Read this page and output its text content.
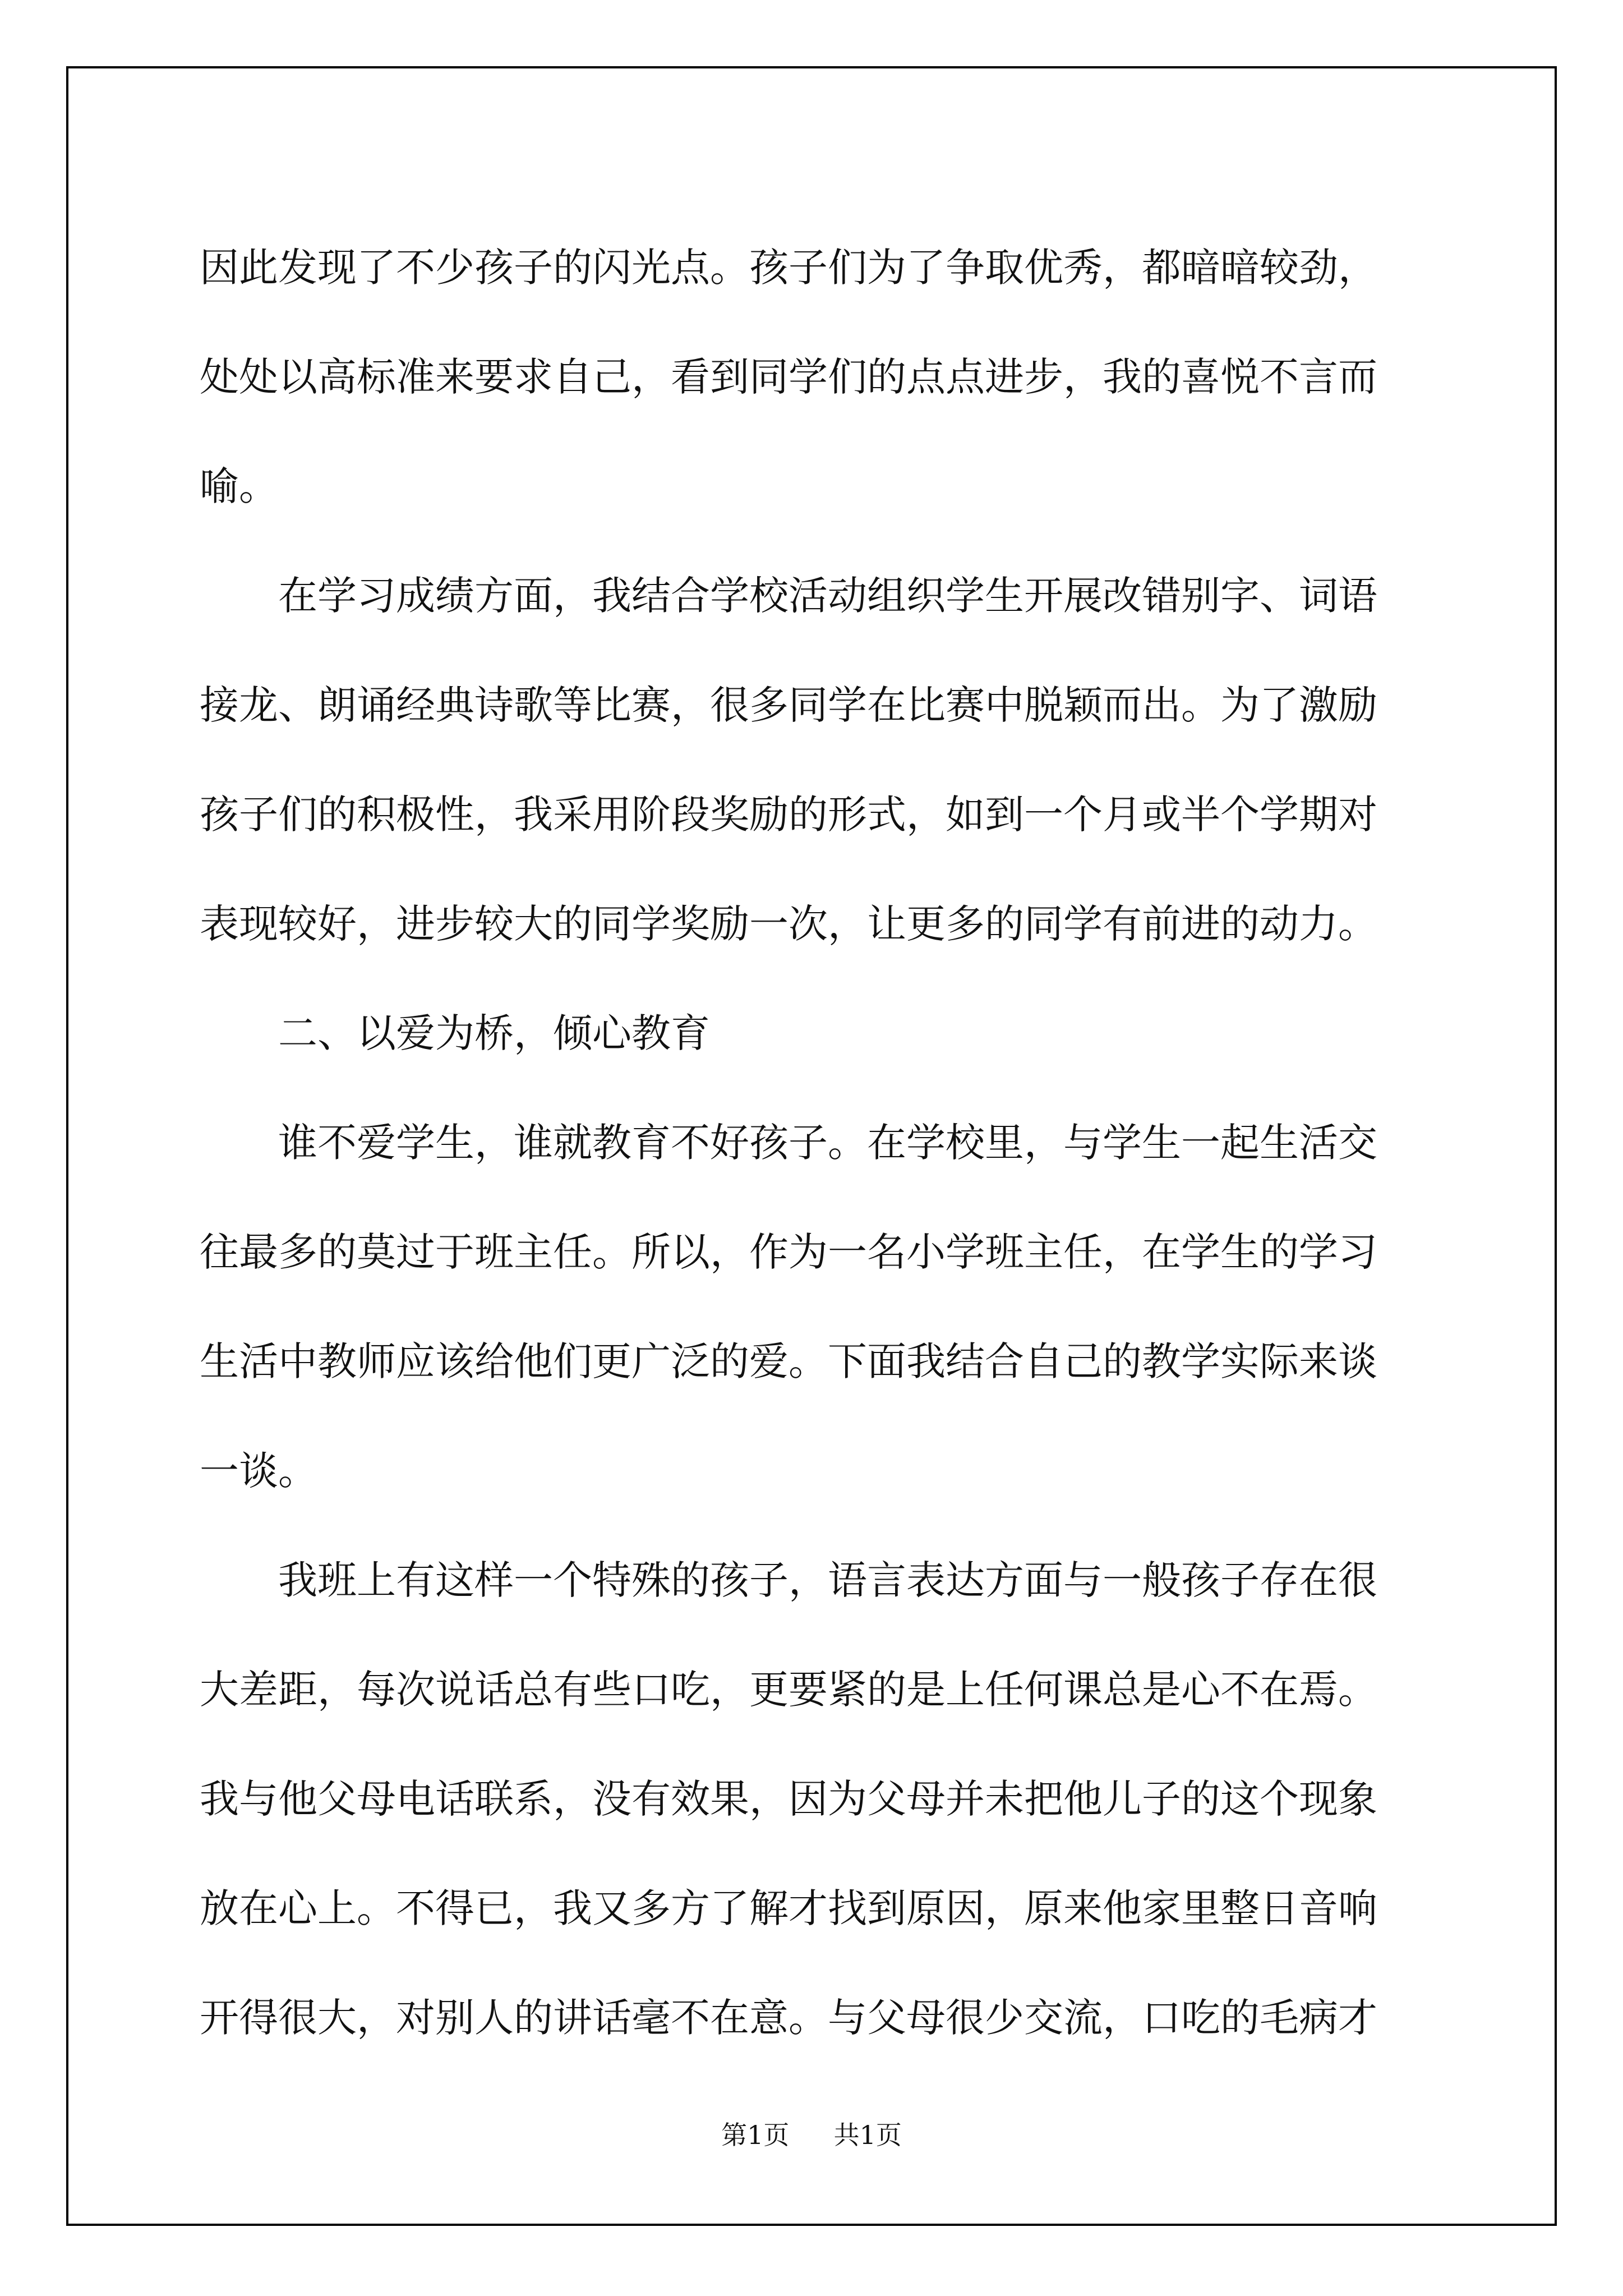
因此发现了不少孩子的闪光点。孩子们为了争取优秀，都暗暗较劲，
处处以高标准来要求自己，看到同学们的点点进步，我的喜悦不言而
喻。
在学习成绩方面，我结合学校活动组织学生开展改错别字、词语
接龙、朗诵经典诗歌等比赛，很多同学在比赛中脱颖而出。为了激励
孩子们的积极性，我采用阶段奖励的形式，如到一个月或半个学期对
表现较好，进步较大的同学奖励一次，让更多的同学有前进的动力。
二、以爱为桥，倾心教育
谁不爱学生，谁就教育不好孩子。在学校里，与学生一起生活交
往最多的莫过于班主任。所以，作为一名小学班主任，在学生的学习
生活中教师应该给他们更广泛的爱。下面我结合自己的教学实际来谈
一谈。
我班上有这样一个特殊的孩子，语言表达方面与一般孩子存在很
大差距，每次说话总有些口吃，更要紧的是上任何课总是心不在焉。
我与他父母电话联系，没有效果，因为父母并未把他儿子的这个现象
放在心上。不得已，我又多方了解才找到原因，原来他家里整日音响
开得很大，对别人的讲话毫不在意。与父母很少交流，口吃的毛病才
第1页 共1页
